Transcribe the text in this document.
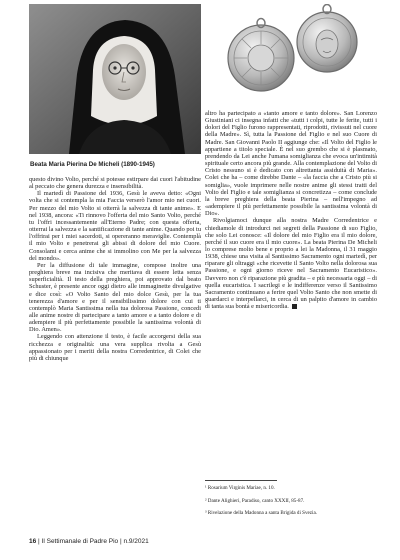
Beata Maria Pierina De Micheli (1890-1945)

questo divino Volto, perché si potesse estirpare dai cuori l'abitudine al peccato che genera durezza e insensibilità.

Il martedì di Passione del 1936, Gesù le aveva detto: «Ogni volta che si contempla la mia Faccia verserò l'amor mio nei cuori. Per mezzo del mio Volto si otterrà la salvezza di tante anime». E nel 1938, ancora: «Ti rinnovo l'offerta del mio Santo Volto, perché tu l'offri incessantemente all'Eterno Padre; con questa offerta, otterrai la salvezza e la santificazione di tante anime. Quando poi tu l'offrirai per i miei sacerdoti, si opereranno meraviglie. Contemplà il mio Volto e penetrerai gli abissi di dolore del mio Cuore. Consolami e cerca anime che si immolino con Me per la salvezza del mondo».

Per la diffusione di tale immagine, compose inoltre una preghiera breve ma incisiva che meritava di essere letta senza superficialità. Il testo della preghiera, poi approvato dal beato Schuster, è presente ancor oggi dietro alle immaginette divulgative e dice così: «O Volto Santo del mio dolce Gesù, per la tua tenerezza d'amore e per il sensibilissimo dolore con cui ti contemplò Maria Santissima nella tua dolorosa Passione, concedi alle anime nostre di partecipare a tanto amore e a tanto dolore e di adempiere il più perfettamente possibile la santissima volontà di Dio. Amen».

Leggendo con attenzione il testo, è facile accorgersi della sua ricchezza e originalità: una vera supplica rivolta a Gesù appassionato per i meriti della nostra Corredentrice, di Colei che più di chiunque

altro ha partecipato a «tanto amore e tanto dolore». San Lorenzo Giustiniani ci insegna infatti che «tutti i colpi, tutte le ferite, tutti i dolori del Figlio furono rappresentati, riprodotti, rivissuti nel cuore della Madre». Sì, tutta la Passione del Figlio e nel suo Cuore di Madre. San Giovanni Paolo II aggiunge che: «Il Volto del Figlio le appartiene a titolo speciale. È nel suo grembo che si è plasmato, prendendo da Lei anche l'umana somiglianza che evoca un'intimità spirituale certo ancora più grande. Alla contemplazione del Volto di Cristo nessuno si è dedicato con altrettanta assiduità di Maria». Colei che ha – come direbbe Dante – «la faccia che a Cristo più si somiglia», vuole imprimere nelle nostre anime gli stessi tratti del Volto del Figlio e tale somiglianza si concretizza – come conclude la breve preghiera della beata Pierina – nell'impegno ad «adempiere il più perfettamente possibile la santissima volontà di Dio».

Rivolgiamoci dunque alla nostra Madre Corredentrice e chiediamole di introdurci nei segreti della Passione di suo Figlio, che solo Lei conosce: «Il dolore del mio Figlio era il mio dolore, perché il suo cuore era il mio cuore». La beata Pierina De Micheli lo comprese molto bene e proprio a lei la Madonna, il 31 maggio 1938, chiese una visita al Santissimo Sacramento ogni martedì, per riparare gli oltraggi «che ricevette il Santo Volto nella dolorosa sua Passione, e ogni giorno riceve nel Sacramento Eucaristico». Davvero non c'è riparazione più gradita – e più necessaria oggi – di quella eucaristica. I sacrilegi e le indifferenze verso il Santissimo Sacramento continuano a ferire quel Volto Santo che non smette di guardarci e interpellarci, in cerca di un palpito d'amore in cambio di tanta sua bontà e misericordia.

¹ Rosarium Virginis Mariae, n. 10.
² Dante Alighieri, Paradiso, canto XXXII, 85-87.
³ Rivelazione della Madonna a santa Brigida di Svezia.
16 | Il Settimanale di Padre Pio | n.9/2021
